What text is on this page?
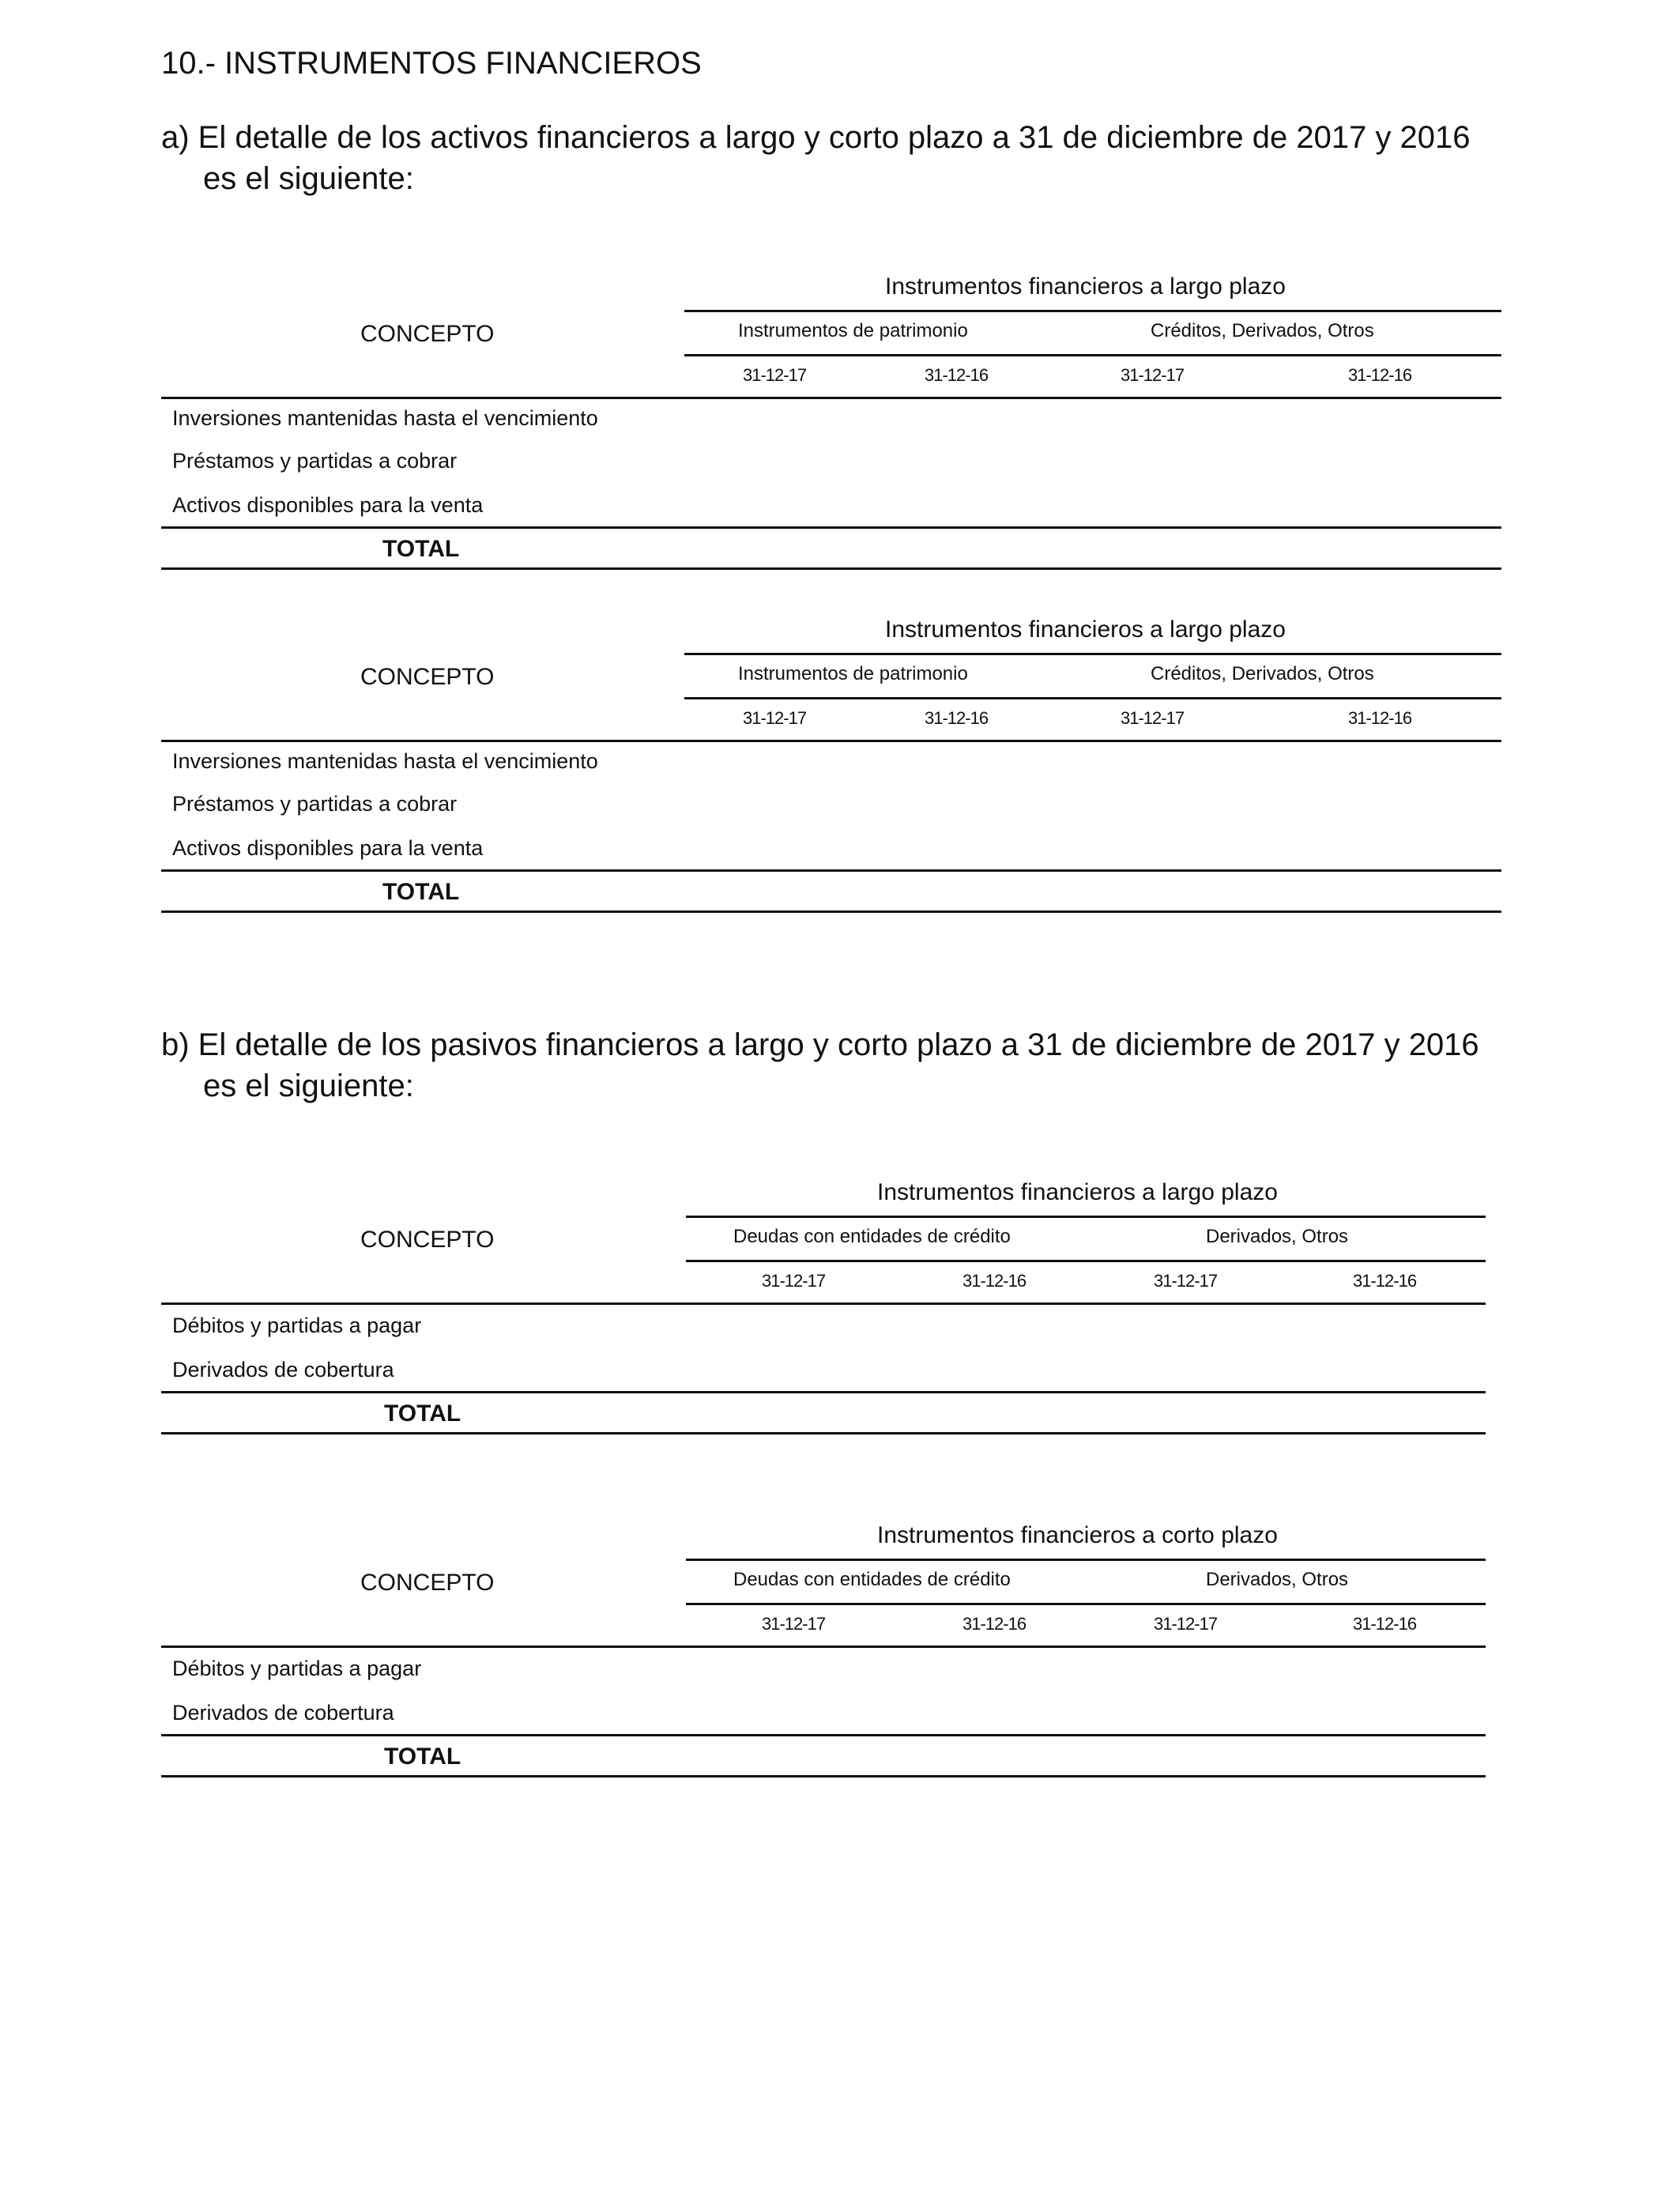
10.- INSTRUMENTOS FINANCIEROS
a) El detalle de los activos financieros a largo y corto plazo a 31 de diciembre de 2017 y 2016
es el siguiente:
b) El detalle de los pasivos financieros a largo y corto plazo a 31 de diciembre de 2017 y 2016
es el siguiente:
Instrumentos financieros a largo plazo
CONCEPTO	Instrumentos de patrimonio	Créditos, Derivados, Otros
31-12-17	31-12-16	31-12-17	31-12-16
Inversiones mantenidas hasta el vencimiento
Préstamos y partidas a cobrar
Activos disponibles para la venta
TOTAL
Instrumentos financieros a largo plazo
CONCEPTO	Instrumentos de patrimonio	Créditos, Derivados, Otros
31-12-17	31-12-16	31-12-17	31-12-16
Inversiones mantenidas hasta el vencimiento
Préstamos y partidas a cobrar
Activos disponibles para la venta
TOTAL
Instrumentos financieros a largo plazo
CONCEPTO	Deudas con entidades de crédito	Derivados, Otros
31-12-17	31-12-16	31-12-17	31-12-16
Débitos y partidas a pagar
Derivados de cobertura
TOTAL
Instrumentos financieros a corto plazo
CONCEPTO	Deudas con entidades de crédito	Derivados, Otros
31-12-17	31-12-16	31-12-17	31-12-16
Débitos y partidas a pagar
Derivados de cobertura
TOTAL
